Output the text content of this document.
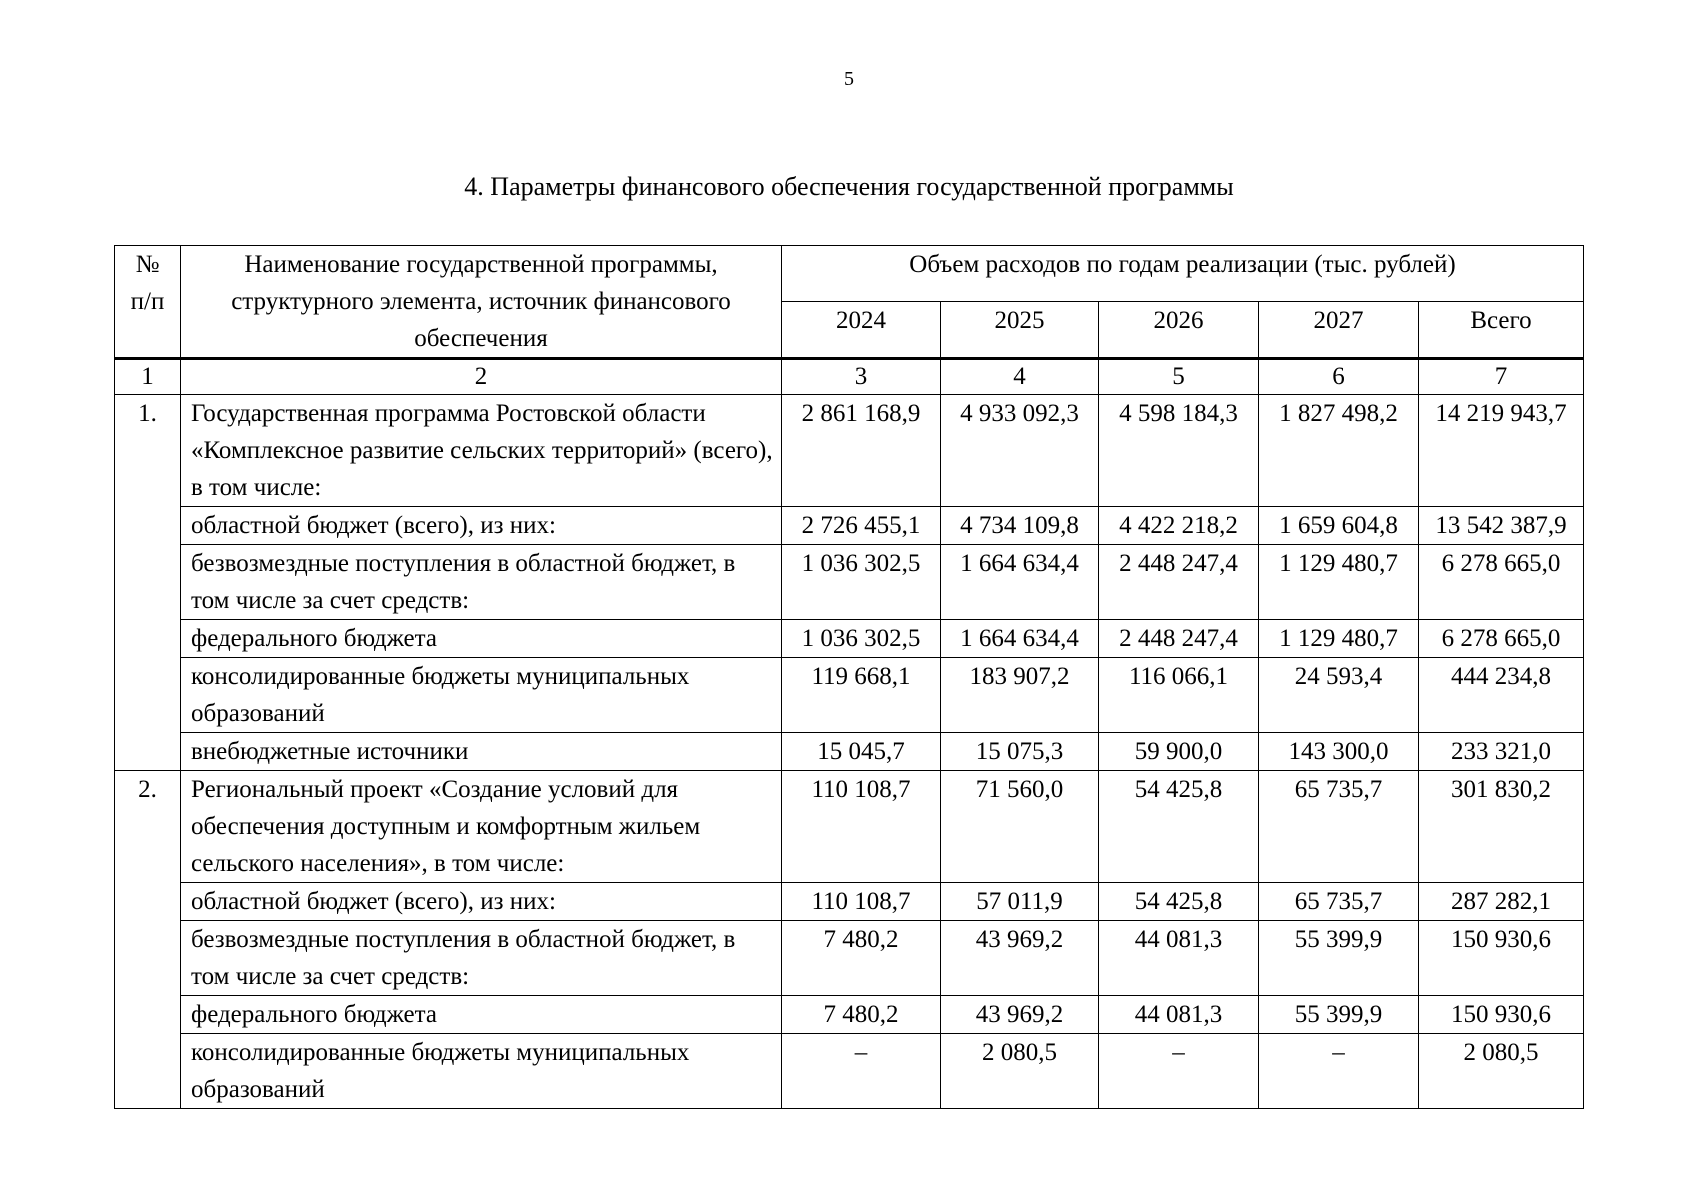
5
4. Параметры финансового обеспечения государственной программы
№ п/п	Наименование государственной программы, структурного элемента, источник финансового обеспечения	Объем расходов по годам реализации (тыс. рублей)				
		2024	2025	2026	2027	Всего
1	2	3	4	5	6	7
1.	Государственная программа Ростовской области «Комплексное развитие сельских территорий» (всего), в том числе:	2 861 168,9	4 933 092,3	4 598 184,3	1 827 498,2	14 219 943,7
	областной бюджет (всего), из них:	2 726 455,1	4 734 109,8	4 422 218,2	1 659 604,8	13 542 387,9
	безвозмездные поступления в областной бюджет, в том числе за счет средств:	1 036 302,5	1 664 634,4	2 448 247,4	1 129 480,7	6 278 665,0
	федерального бюджета	1 036 302,5	1 664 634,4	2 448 247,4	1 129 480,7	6 278 665,0
	консолидированные бюджеты муниципальных образований	119 668,1	183 907,2	116 066,1	24 593,4	444 234,8
	внебюджетные источники	15 045,7	15 075,3	59 900,0	143 300,0	233 321,0
2.	Региональный проект «Создание условий для обеспечения доступным и комфортным жильем сельского населения», в том числе:	110 108,7	71 560,0	54 425,8	65 735,7	301 830,2
	областной бюджет (всего), из них:	110 108,7	57 011,9	54 425,8	65 735,7	287 282,1
	безвозмездные поступления в областной бюджет, в том числе за счет средств:	7 480,2	43 969,2	44 081,3	55 399,9	150 930,6
	федерального бюджета	7 480,2	43 969,2	44 081,3	55 399,9	150 930,6
	консолидированные бюджеты муниципальных образований	–	2 080,5	–	–	2 080,5
